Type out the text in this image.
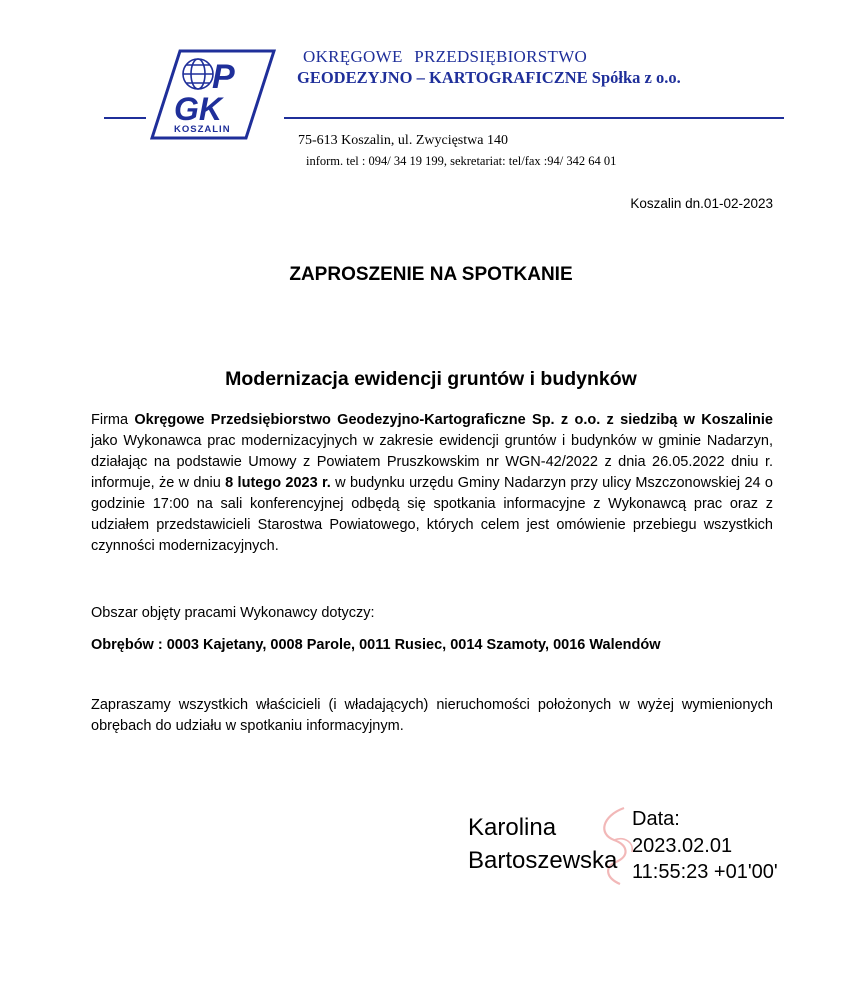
P
GK
KOSZALIN
OKRĘGOWE PRZEDSIĘBIORSTWO
GEODEZYJNO – KARTOGRAFICZNE Spółka z o.o.
75-613 Koszalin, ul. Zwycięstwa 140
inform. tel : 094/ 34 19 199, sekretariat: tel/fax :94/ 342 64 01
Koszalin dn.01-02-2023
ZAPROSZENIE NA SPOTKANIE
Modernizacja ewidencji gruntów i budynków
Firma Okręgowe Przedsiębiorstwo Geodezyjno-Kartograficzne Sp. z o.o. z siedzibą w Koszalinie jako Wykonawca prac modernizacyjnych w zakresie ewidencji gruntów i budynków w gminie Nadarzyn, działając na podstawie Umowy z Powiatem Pruszkowskim nr WGN-42/2022 z dnia 26.05.2022 dniu r. informuje, że w dniu 8 lutego 2023 r. w budynku urzędu Gminy Nadarzyn przy ulicy Mszczonowskiej 24 o godzinie 17:00 na sali konferencyjnej odbędą się spotkania informacyjne z Wykonawcą prac oraz z udziałem przedstawicieli Starostwa Powiatowego, których celem jest omówienie przebiegu wszystkich czynności modernizacyjnych.
Obszar objęty pracami Wykonawcy dotyczy:
Obrębów : 0003 Kajetany, 0008 Parole, 0011 Rusiec, 0014 Szamoty, 0016 Walendów
Zapraszamy wszystkich właścicieli (i władających) nieruchomości położonych w wyżej wymienionych obrębach do udziału w spotkaniu informacyjnym.
Karolina
Bartoszewska
Data:
2023.02.01
11:55:23 +01'00'
